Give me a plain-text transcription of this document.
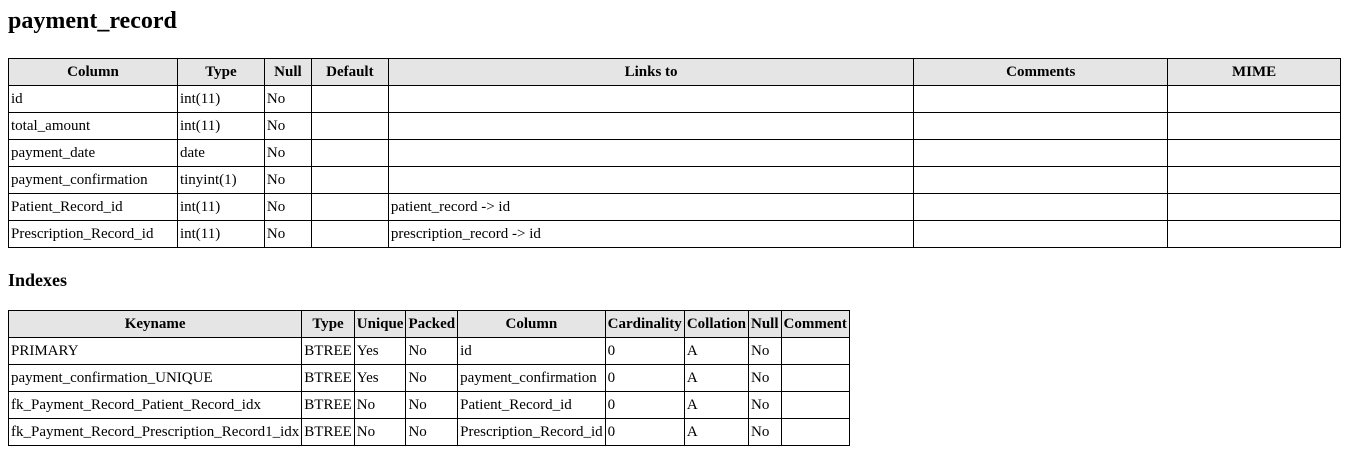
payment_record
Column	Type	Null	Default	Links to	Comments	MIME
id	int(11)	No				
total_amount	int(11)	No				
payment_date	date	No				
payment_confirmation	tinyint(1)	No				
Patient_Record_id	int(11)	No		patient_record -> id		
Prescription_Record_id	int(11)	No		prescription_record -> id		
Indexes
Keyname	Type	Unique	Packed	Column	Cardinality	Collation	Null	Comment
PRIMARY	BTREE	Yes	No	id	0	A	No	
payment_confirmation_UNIQUE	BTREE	Yes	No	payment_confirmation	0	A	No	
fk_Payment_Record_Patient_Record_idx	BTREE	No	No	Patient_Record_id	0	A	No	
fk_Payment_Record_Prescription_Record1_idx	BTREE	No	No	Prescription_Record_id	0	A	No	
